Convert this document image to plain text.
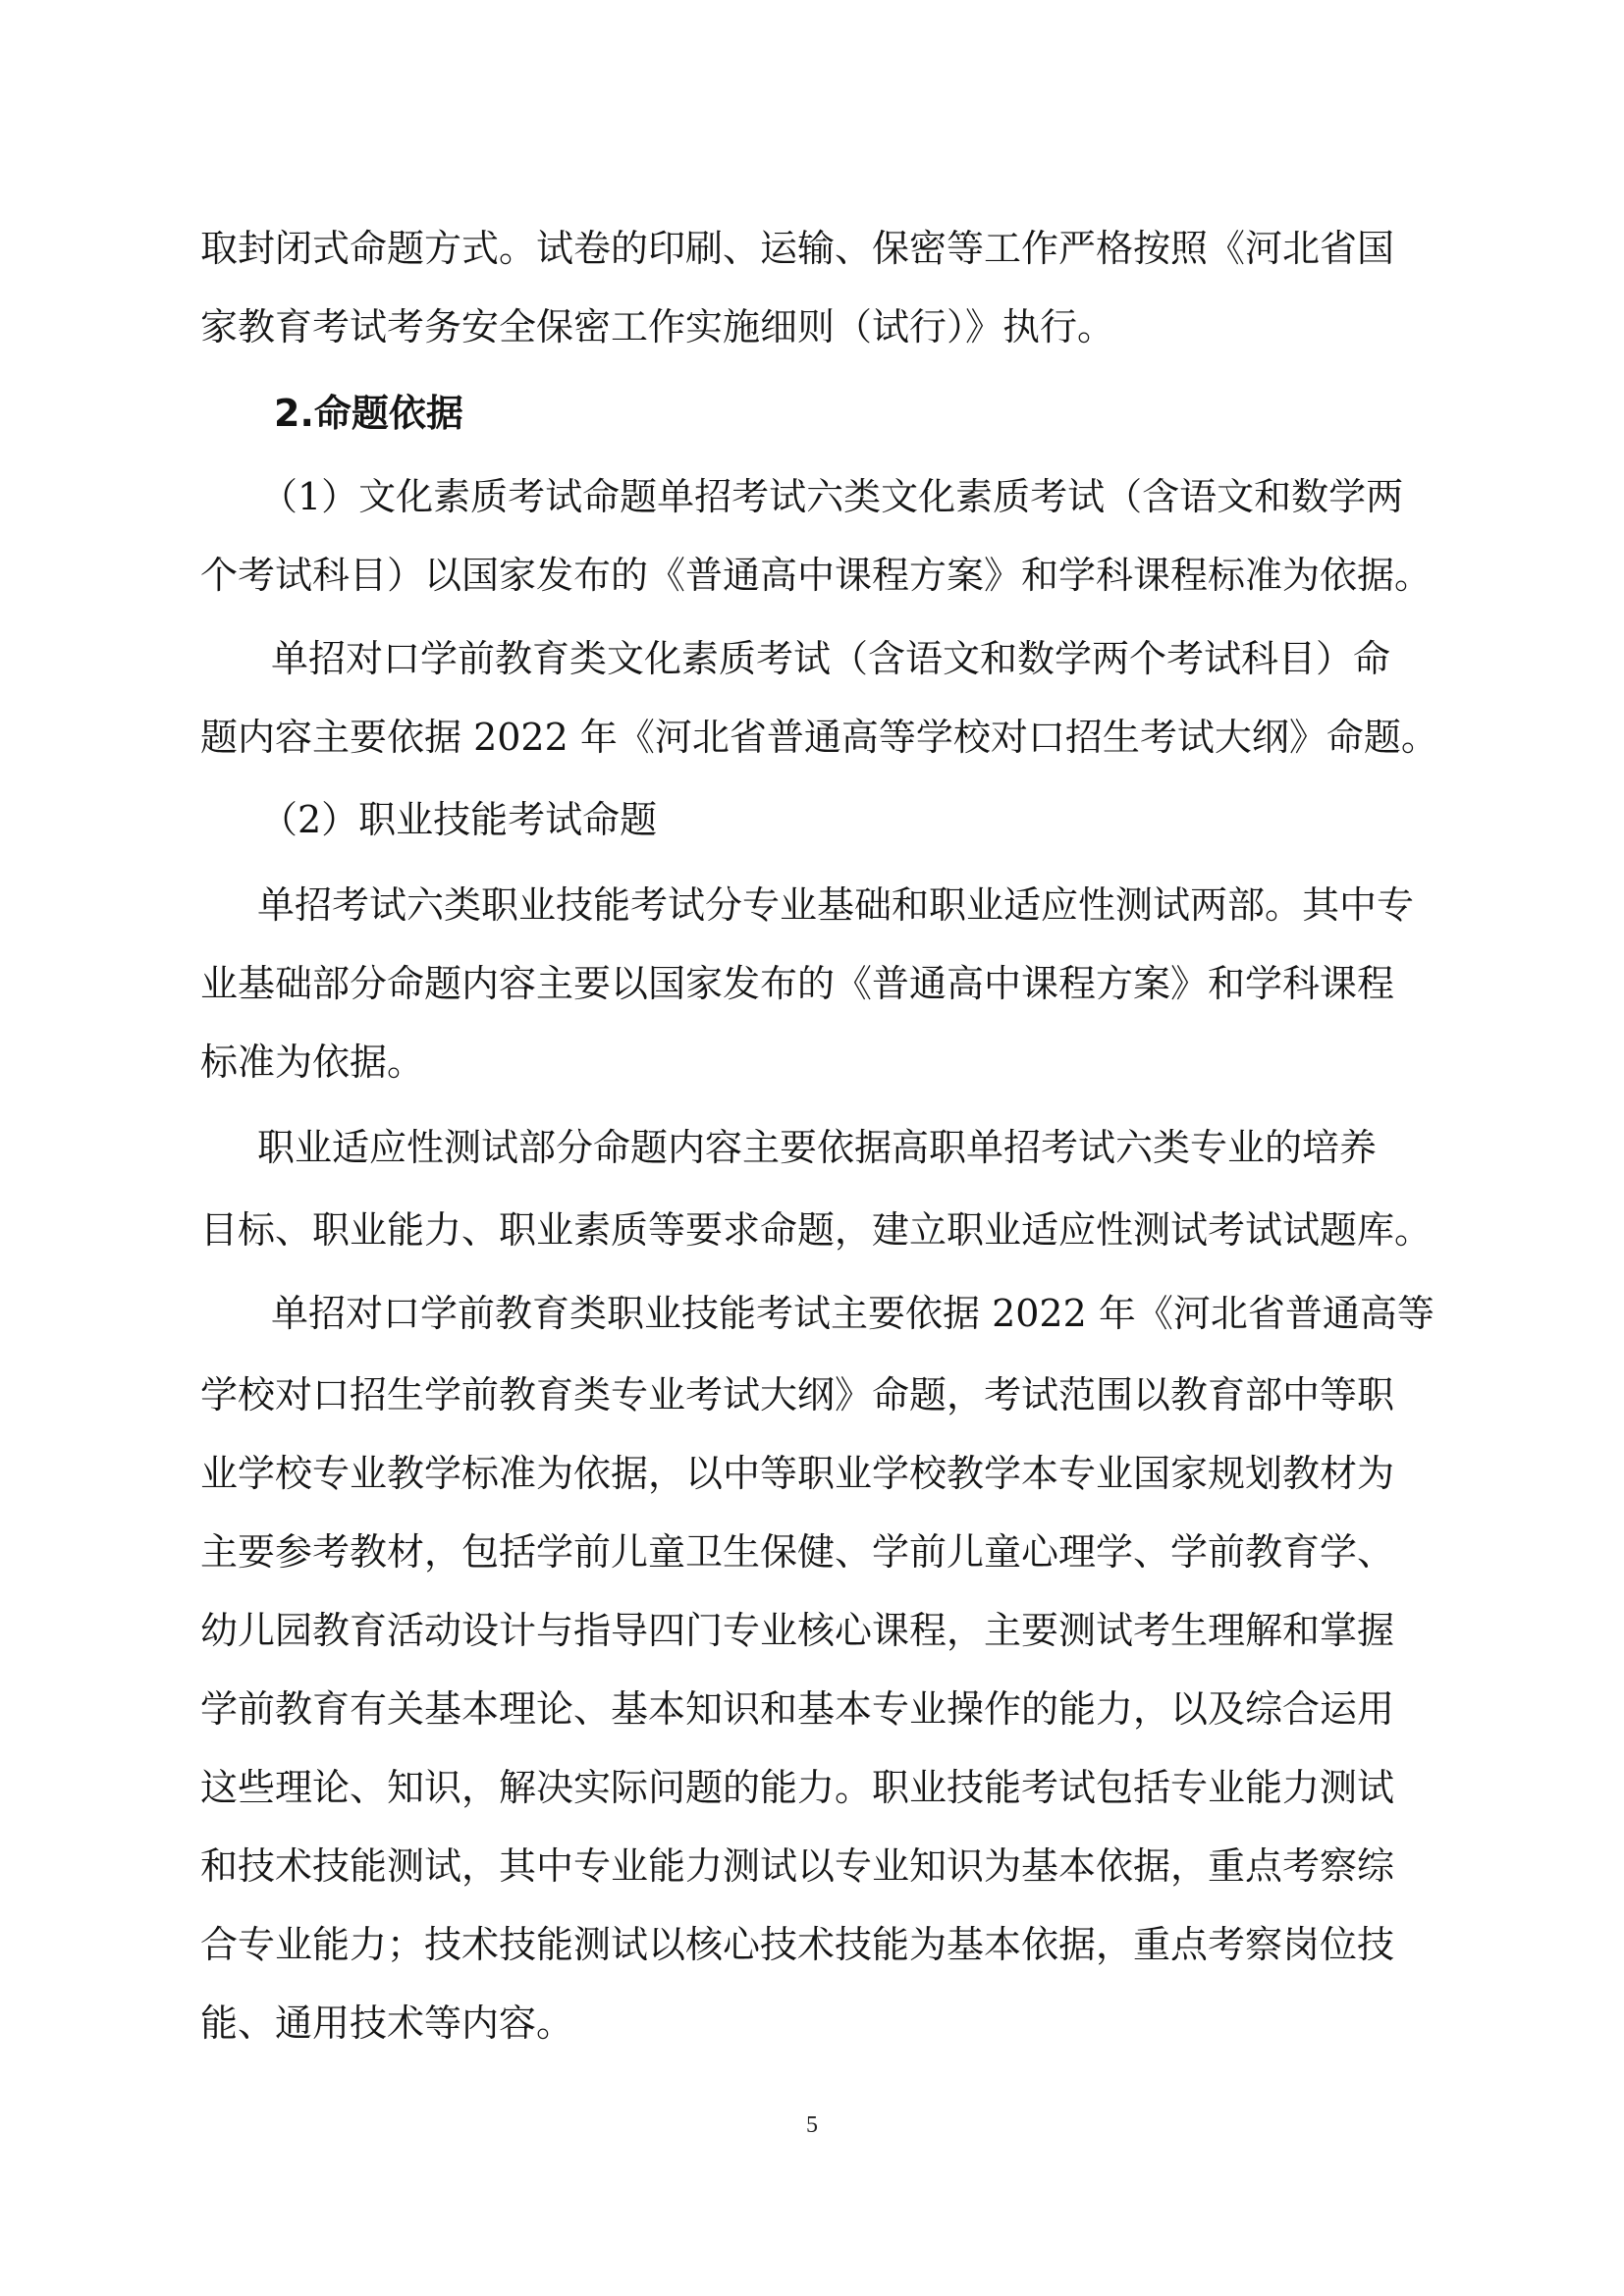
取封闭式命题方式。试卷的印刷、运输、保密等工作严格按照《河北省国
家教育考试考务安全保密工作实施细则（试行）》执行。
2.命题依据
（1）文化素质考试命题单招考试六类文化素质考试（含语文和数学两
个考试科目）以国家发布的《普通高中课程方案》和学科课程标准为依据。
单招对口学前教育类文化素质考试（含语文和数学两个考试科目）命
题内容主要依据 2022 年《河北省普通高等学校对口招生考试大纲》命题。
（2）职业技能考试命题
单招考试六类职业技能考试分专业基础和职业适应性测试两部。其中专
业基础部分命题内容主要以国家发布的《普通高中课程方案》和学科课程
标准为依据。
职业适应性测试部分命题内容主要依据高职单招考试六类专业的培养
目标、职业能力、职业素质等要求命题，建立职业适应性测试考试试题库。
单招对口学前教育类职业技能考试主要依据 2022 年《河北省普通高等
学校对口招生学前教育类专业考试大纲》命题，考试范围以教育部中等职
业学校专业教学标准为依据，以中等职业学校教学本专业国家规划教材为
主要参考教材，包括学前儿童卫生保健、学前儿童心理学、学前教育学、
幼儿园教育活动设计与指导四门专业核心课程，主要测试考生理解和掌握
学前教育有关基本理论、基本知识和基本专业操作的能力，以及综合运用
这些理论、知识，解决实际问题的能力。职业技能考试包括专业能力测试
和技术技能测试，其中专业能力测试以专业知识为基本依据，重点考察综
合专业能力；技术技能测试以核心技术技能为基本依据，重点考察岗位技
能、通用技术等内容。
5
